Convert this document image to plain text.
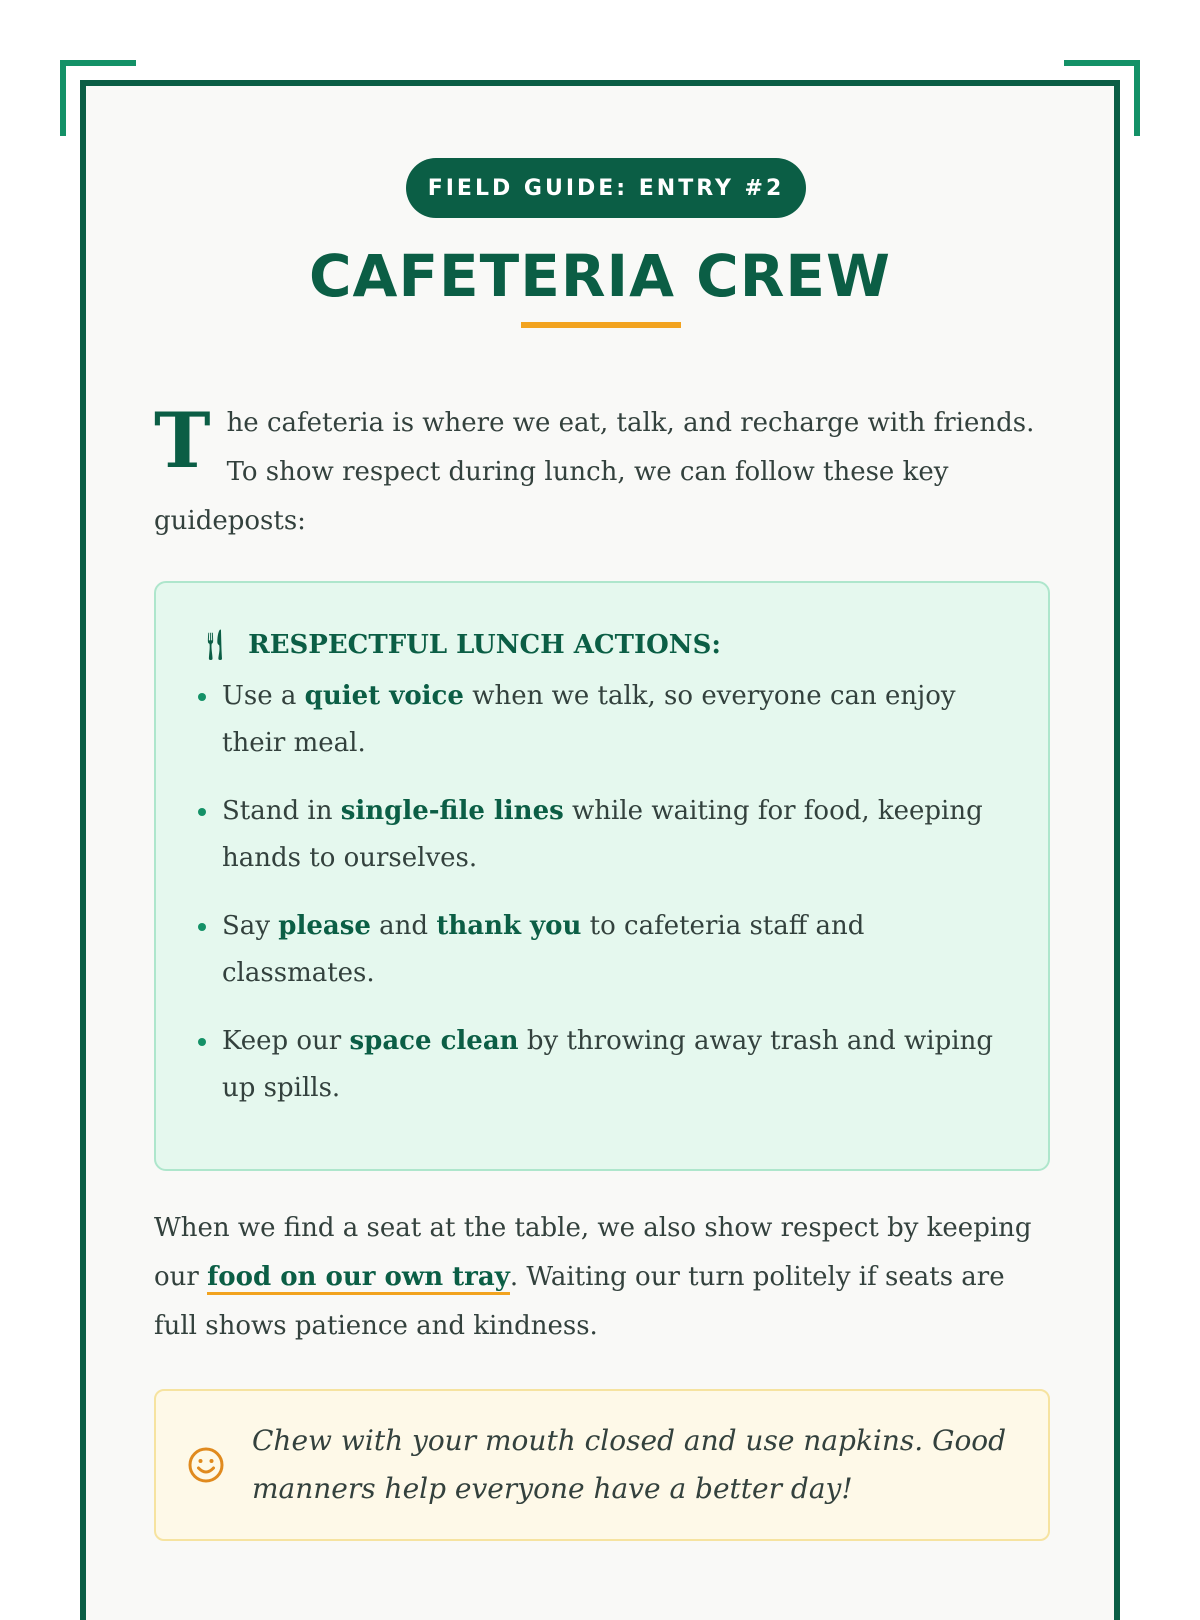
FIELD GUIDE: ENTRY #2
CAFETERIA CREW

The cafeteria is where we eat, talk, and recharge with friends. To show respect during lunch, we can follow these key guideposts:

🍴︎ RESPECTFUL LUNCH ACTIONS:
Use a quiet voice when we talk, so everyone can enjoy their meal.
Stand in single-file lines while waiting for food, keeping hands to ourselves.
Say please and thank you to cafeteria staff and classmates.
Keep our space clean by throwing away trash and wiping up spills.

When we find a seat at the table, we also show respect by keeping our food on our own tray. Waiting our turn politely if seats are full shows patience and kindness.

Chew with your mouth closed and use napkins. Good manners help everyone have a better day!
